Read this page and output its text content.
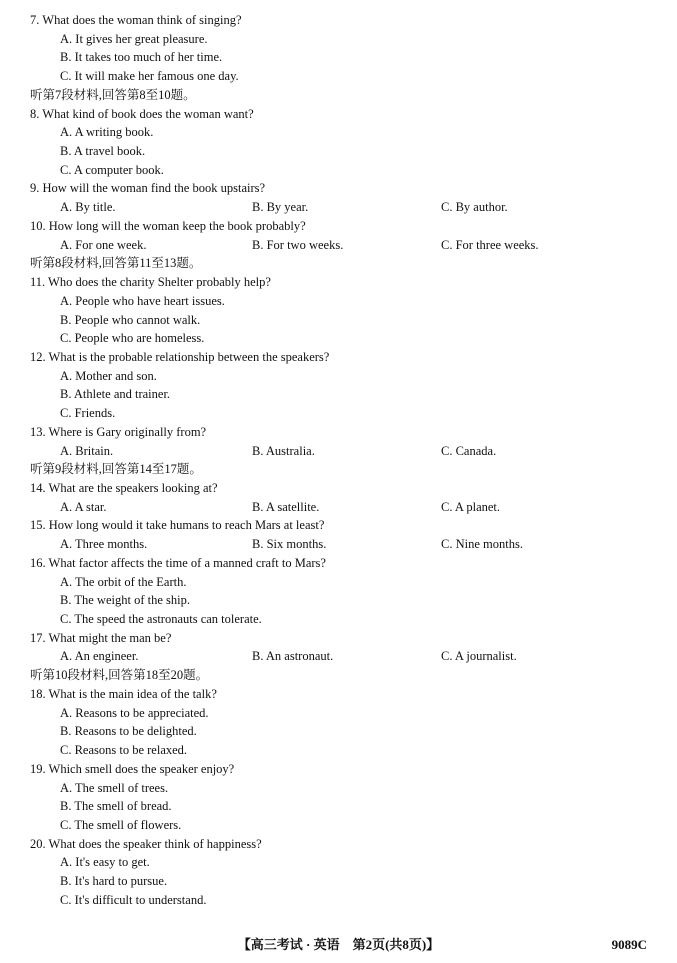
7. What does the woman think of singing?
A. It gives her great pleasure.
B. It takes too much of her time.
C. It will make her famous one day.
听第7段材料,回答第8至10题。
8. What kind of book does the woman want?
A. A writing book.
B. A travel book.
C. A computer book.
9. How will the woman find the book upstairs?
A. By title.	B. By year.	C. By author.
10. How long will the woman keep the book probably?
A. For one week.	B. For two weeks.	C. For three weeks.
听第8段材料,回答第11至13题。
11. Who does the charity Shelter probably help?
A. People who have heart issues.
B. People who cannot walk.
C. People who are homeless.
12. What is the probable relationship between the speakers?
A. Mother and son.
B. Athlete and trainer.
C. Friends.
13. Where is Gary originally from?
A. Britain.	B. Australia.	C. Canada.
听第9段材料,回答第14至17题。
14. What are the speakers looking at?
A. A star.	B. A satellite.	C. A planet.
15. How long would it take humans to reach Mars at least?
A. Three months.	B. Six months.	C. Nine months.
16. What factor affects the time of a manned craft to Mars?
A. The orbit of the Earth.
B. The weight of the ship.
C. The speed the astronauts can tolerate.
17. What might the man be?
A. An engineer.	B. An astronaut.	C. A journalist.
听第10段材料,回答第18至20题。
18. What is the main idea of the talk?
A. Reasons to be appreciated.
B. Reasons to be delighted.
C. Reasons to be relaxed.
19. Which smell does the speaker enjoy?
A. The smell of trees.
B. The smell of bread.
C. The smell of flowers.
20. What does the speaker think of happiness?
A. It's easy to get.
B. It's hard to pursue.
C. It's difficult to understand.
【高三考试 · 英语　第2页(共8页)】	9089C
